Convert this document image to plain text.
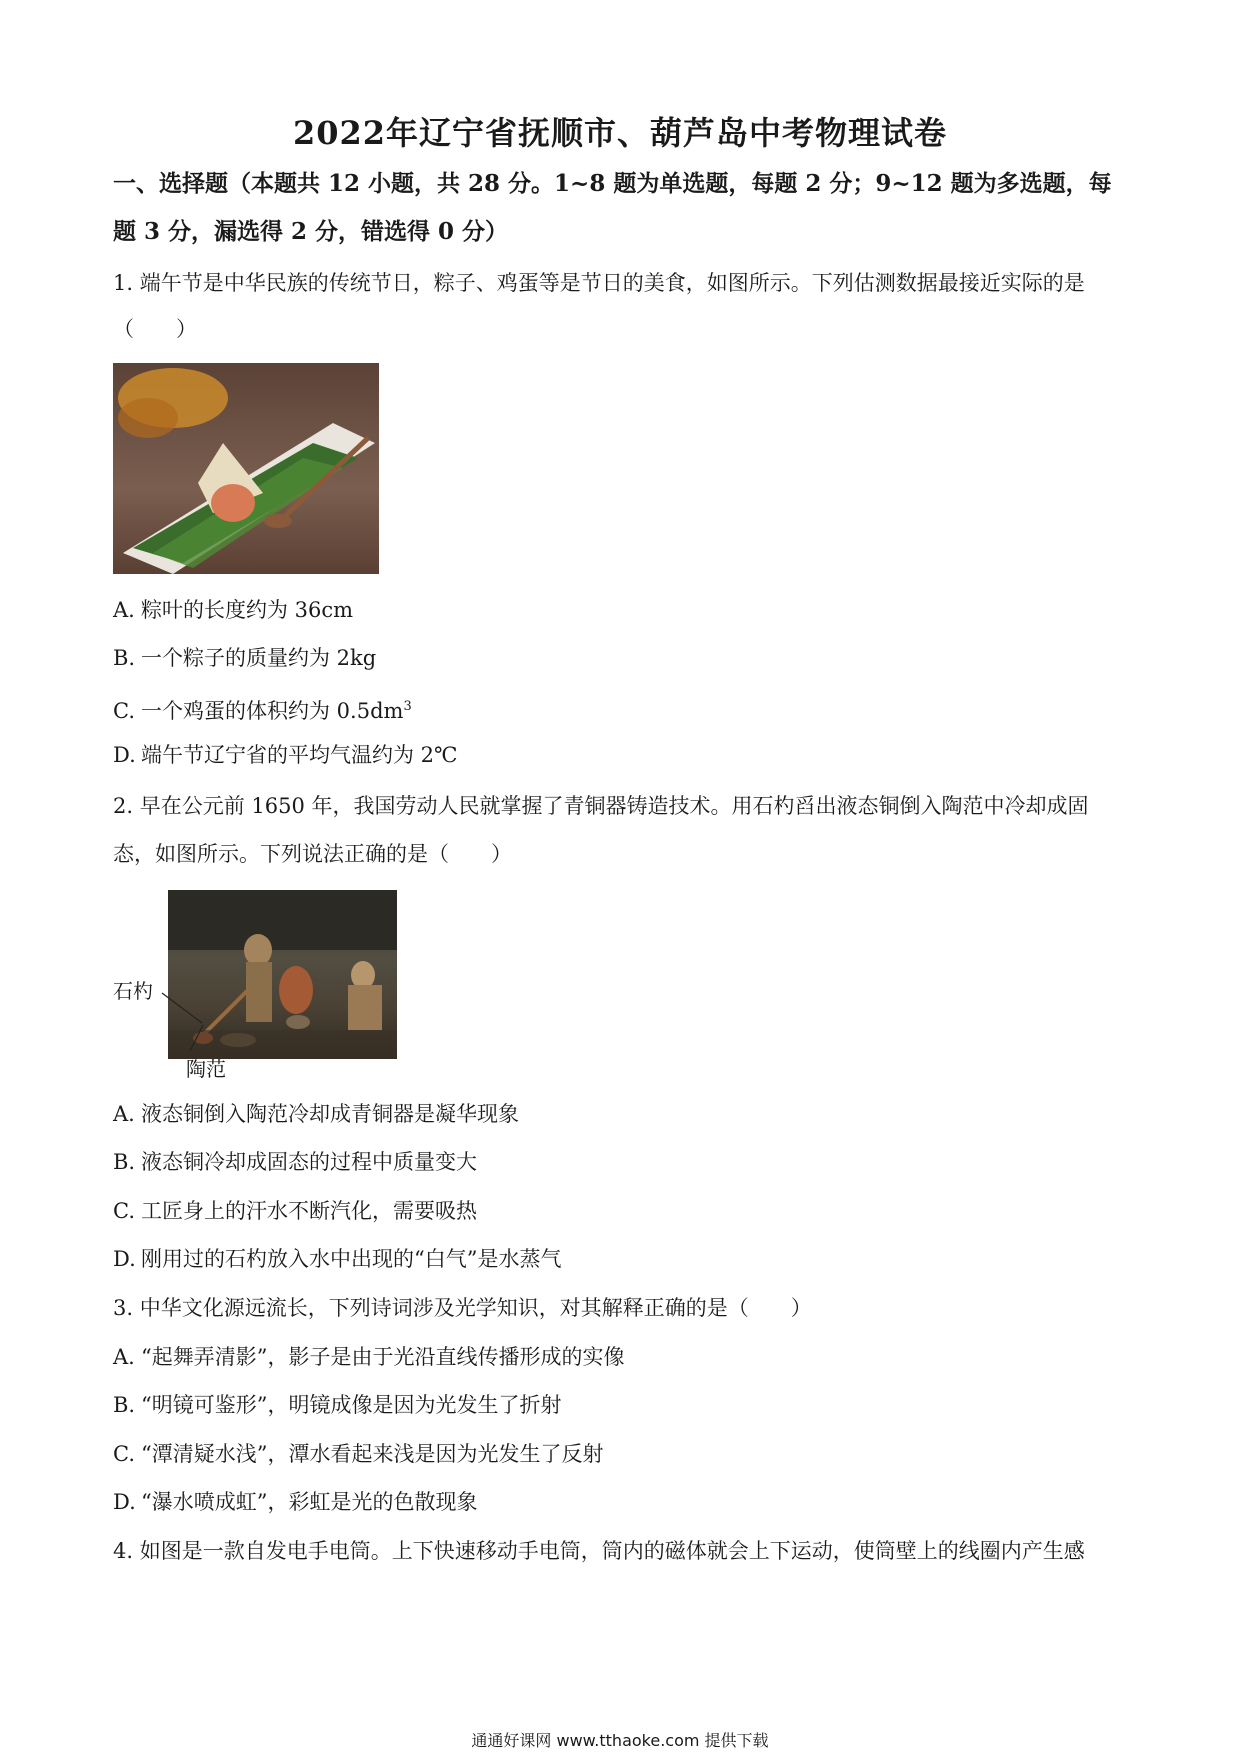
2022年辽宁省抚顺市、葫芦岛中考物理试卷
一、选择题（本题共 12 小题，共 28 分。1~8 题为单选题，每题 2 分；9~12 题为多选题，每
题 3 分，漏选得 2 分，错选得 0 分）
1. 端午节是中华民族的传统节日，粽子、鸡蛋等是节日的美食，如图所示。下列估测数据最接近实际的是
（　　）
A. 粽叶的长度约为 36cm
B. 一个粽子的质量约为 2kg
C. 一个鸡蛋的体积约为 $0.5dm^3$
D. 端午节辽宁省的平均气温约为 2℃
2. 早在公元前 1650 年，我国劳动人民就掌握了青铜器铸造技术。用石杓舀出液态铜倒入陶范中冷却成固
态，如图所示。下列说法正确的是（　　）
石杓
陶范
A. 液态铜倒入陶范冷却成青铜器是凝华现象
B. 液态铜冷却成固态的过程中质量变大
C. 工匠身上的汗水不断汽化，需要吸热
D. 刚用过的石杓放入水中出现的“白气”是水蒸气
3. 中华文化源远流长，下列诗词涉及光学知识，对其解释正确的是（　　）
A. “起舞弄清影”，影子是由于光沿直线传播形成的实像
B. “明镜可鉴形”，明镜成像是因为光发生了折射
C. “潭清疑水浅”，潭水看起来浅是因为光发生了反射
D. “瀑水喷成虹”，彩虹是光的色散现象
4. 如图是一款自发电手电筒。上下快速移动手电筒，筒内的磁体就会上下运动，使筒壁上的线圈内产生感
通通好课网 www.tthaoke.com 提供下载
